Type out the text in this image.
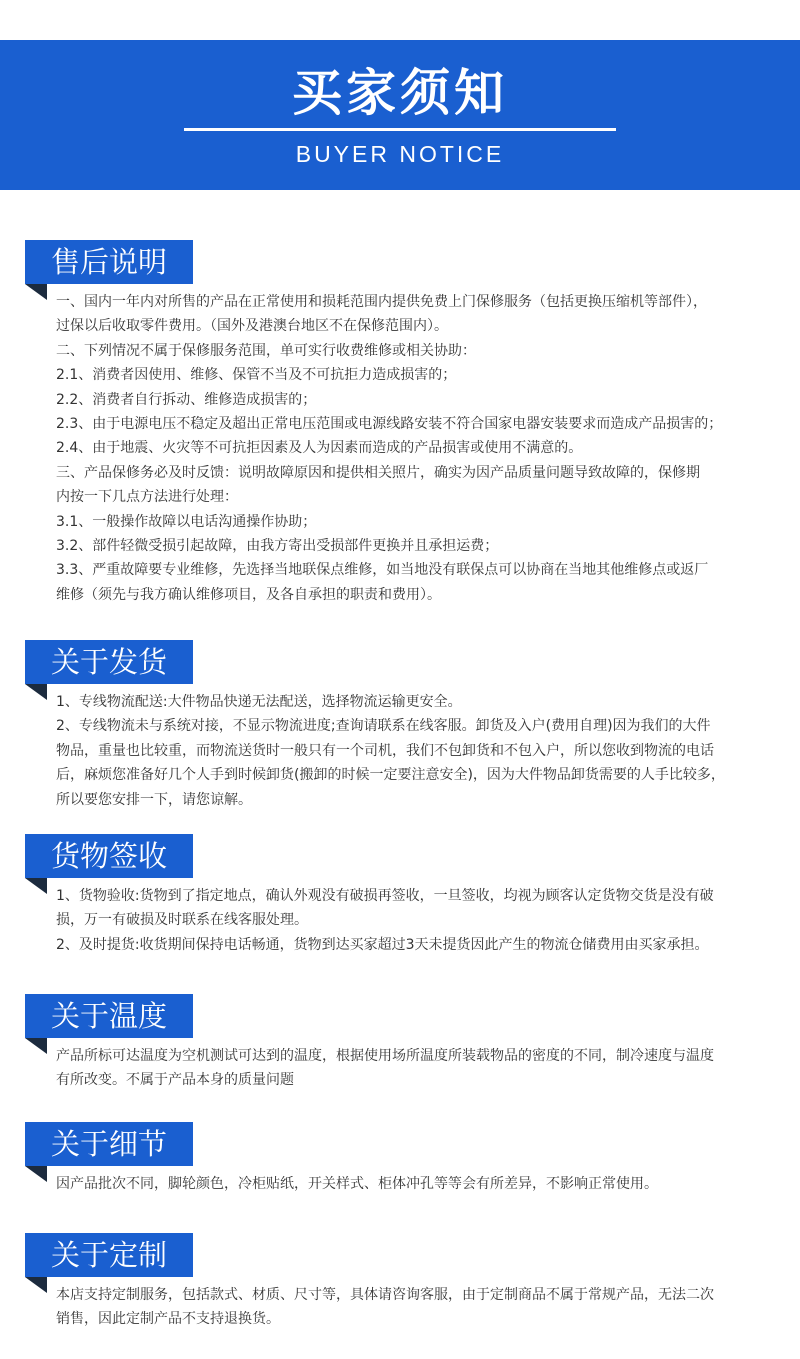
买家须知
BUYER NOTICE
售后说明
一、国内一年内对所售的产品在正常使用和损耗范围内提供免费上门保修服务（包括更换压缩机等部件），
过保以后收取零件费用。（国外及港澳台地区不在保修范围内）。
二、下列情况不属于保修服务范围，单可实行收费维修或相关协助：
2.1、消费者因使用、维修、保管不当及不可抗拒力造成损害的；
2.2、消费者自行拆动、维修造成损害的；
2.3、由于电源电压不稳定及超出正常电压范围或电源线路安装不符合国家电器安装要求而造成产品损害的；
2.4、由于地震、火灾等不可抗拒因素及人为因素而造成的产品损害或使用不满意的。
三、产品保修务必及时反馈：说明故障原因和提供相关照片，确实为因产品质量问题导致故障的，保修期
内按一下几点方法进行处理：
3.1、一般操作故障以电话沟通操作协助；
3.2、部件轻微受损引起故障，由我方寄出受损部件更换并且承担运费；
3.3、严重故障要专业维修，先选择当地联保点维修，如当地没有联保点可以协商在当地其他维修点或返厂
维修（须先与我方确认维修项目，及各自承担的职责和费用）。
关于发货
1、专线物流配送:大件物品快递无法配送，选择物流运输更安全。
2、专线物流未与系统对接，不显示物流进度;查询请联系在线客服。卸货及入户(费用自理)因为我们的大件
物品，重量也比较重，而物流送货时一般只有一个司机，我们不包卸货和不包入户，所以您收到物流的电话
后，麻烦您准备好几个人手到时候卸货(搬卸的时候一定要注意安全)，因为大件物品卸货需要的人手比较多，
所以要您安排一下，请您谅解。
货物签收
1、货物验收:货物到了指定地点，确认外观没有破损再签收，一旦签收，均视为顾客认定货物交货是没有破
损，万一有破损及时联系在线客服处理。
2、及时提货:收货期间保持电话畅通，货物到达买家超过3天未提货因此产生的物流仓储费用由买家承担。
关于温度
产品所标可达温度为空机测试可达到的温度，根据使用场所温度所装载物品的密度的不同，制冷速度与温度
有所改变。不属于产品本身的质量问题
关于细节
因产品批次不同，脚轮颜色，冷柜贴纸，开关样式、柜体冲孔等等会有所差异，不影响正常使用。
关于定制
本店支持定制服务，包括款式、材质、尺寸等，具体请咨询客服，由于定制商品不属于常规产品，无法二次
销售，因此定制产品不支持退换货。
